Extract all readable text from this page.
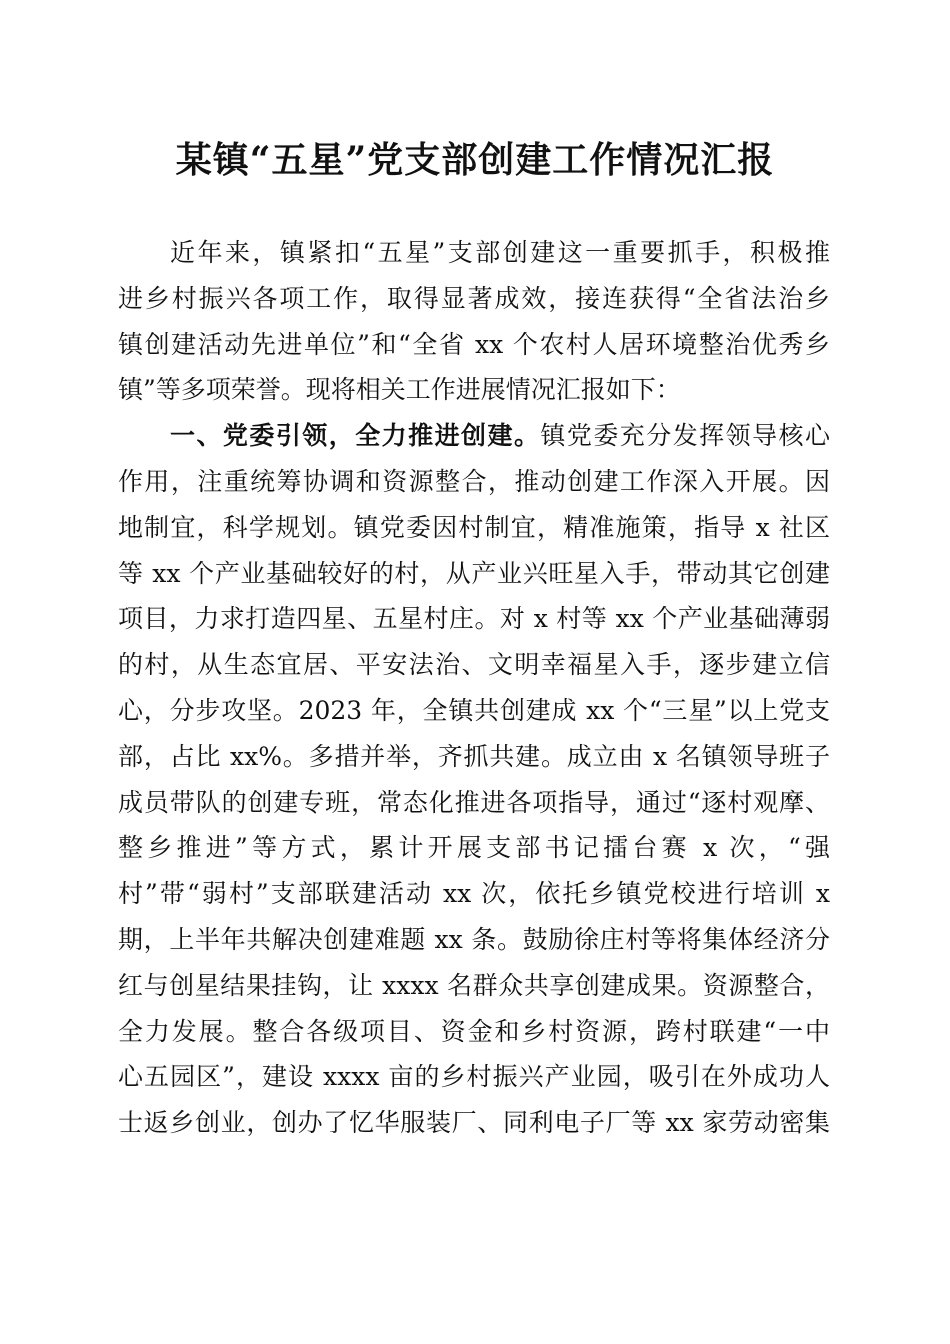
某镇“五星”党支部创建工作情况汇报
近年来，镇紧扣“五星”支部创建这一重要抓手，积极推
进乡村振兴各项工作，取得显著成效，接连获得“全省法治乡
镇创建活动先进单位”和“全省 xx 个农村人居环境整治优秀乡
镇”等多项荣誉。现将相关工作进展情况汇报如下：
一、党委引领，全力推进创建。镇党委充分发挥领导核心
作用，注重统筹协调和资源整合，推动创建工作深入开展。因
地制宜，科学规划。镇党委因村制宜，精准施策，指导 x 社区
等 xx 个产业基础较好的村，从产业兴旺星入手，带动其它创建
项目，力求打造四星、五星村庄。对 x 村等 xx 个产业基础薄弱
的村，从生态宜居、平安法治、文明幸福星入手，逐步建立信
心，分步攻坚。2023 年，全镇共创建成 xx 个“三星”以上党支
部，占比 xx%。多措并举，齐抓共建。成立由 x 名镇领导班子
成员带队的创建专班，常态化推进各项指导，通过“逐村观摩、
整乡推进”等方式，累计开展支部书记擂台赛 x 次，“强
村”带“弱村”支部联建活动 xx 次，依托乡镇党校进行培训 x
期，上半年共解决创建难题 xx 条。鼓励徐庄村等将集体经济分
红与创星结果挂钩，让 xxxx 名群众共享创建成果。资源整合，
全力发展。整合各级项目、资金和乡村资源，跨村联建“一中
心五园区”，建设 xxxx 亩的乡村振兴产业园，吸引在外成功人
士返乡创业，创办了忆华服装厂、同利电子厂等 xx 家劳动密集
